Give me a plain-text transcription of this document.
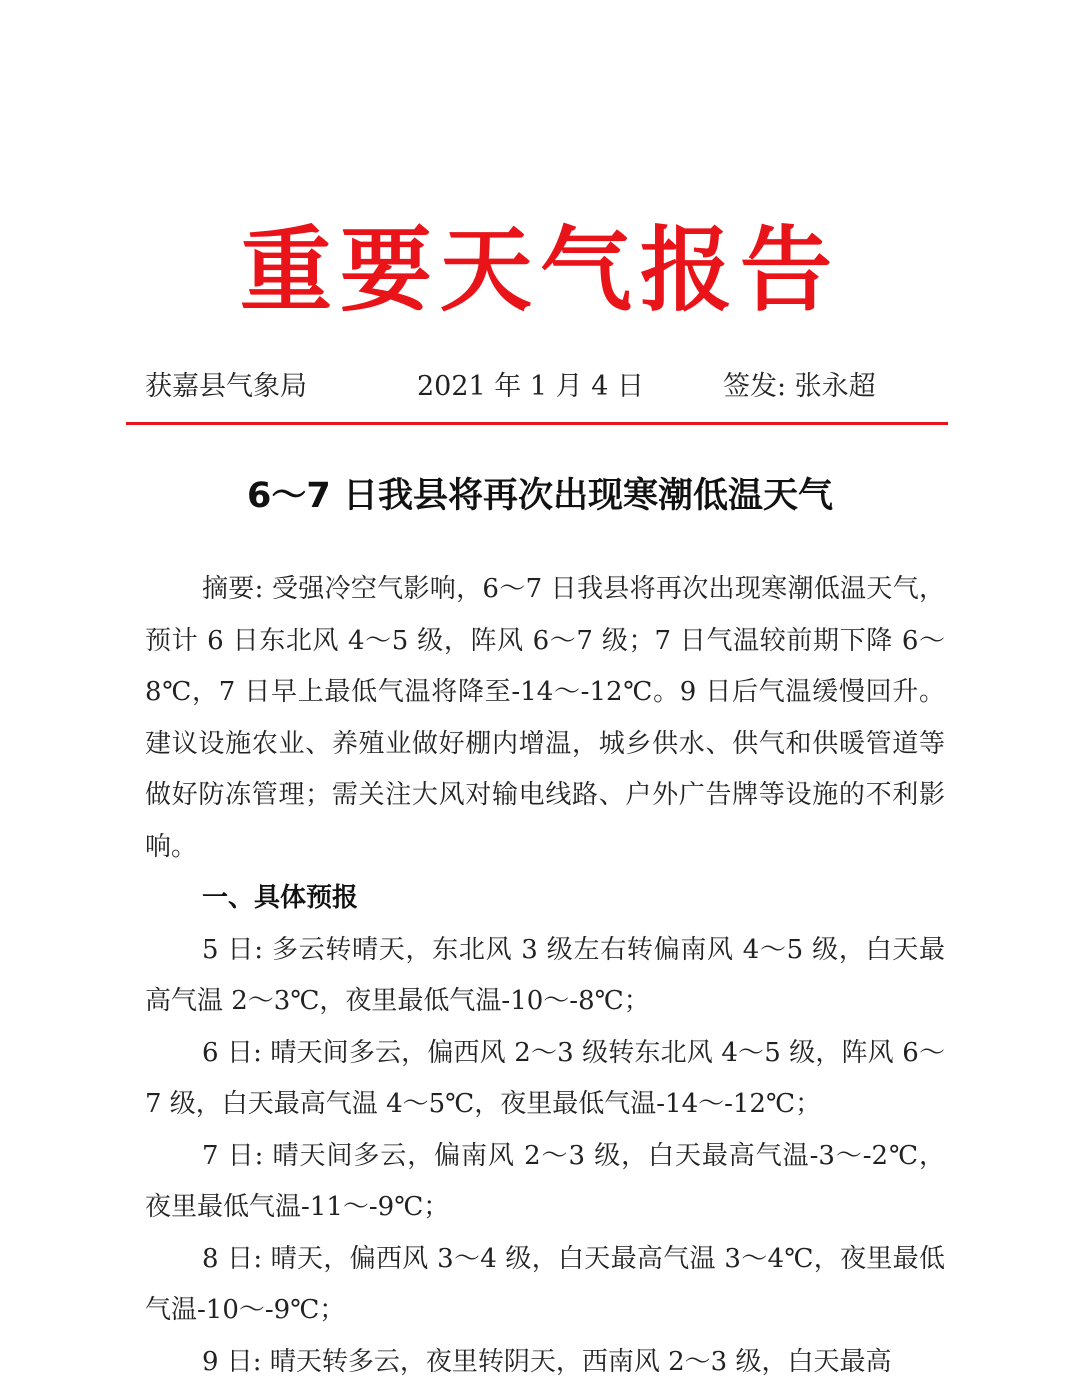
重要天气报告
获嘉县气象局	2021 年 1 月 4 日	签发: 张永超
6～7 日我县将再次出现寒潮低温天气

摘要: 受强冷空气影响，6～7 日我县将再次出现寒潮低温天气，预计 6 日东北风 4～5 级，阵风 6～7 级；7 日气温较前期下降 6～8℃，7 日早上最低气温将降至-14～-12℃。9 日后气温缓慢回升。建议设施农业、养殖业做好棚内增温，城乡供水、供气和供暖管道等做好防冻管理；需关注大风对输电线路、户外广告牌等设施的不利影响。

一、具体预报

5 日: 多云转晴天，东北风 3 级左右转偏南风 4～5 级，白天最高气温 2～3℃，夜里最低气温-10～-8℃；

6 日: 晴天间多云，偏西风 2～3 级转东北风 4～5 级，阵风 6～7 级，白天最高气温 4～5℃，夜里最低气温-14～-12℃；

7 日: 晴天间多云，偏南风 2～3 级，白天最高气温-3～-2℃，夜里最低气温-11～-9℃；

8 日: 晴天，偏西风 3～4 级，白天最高气温 3～4℃，夜里最低气温-10～-9℃；

9 日: 晴天转多云，夜里转阴天，西南风 2～3 级，白天最高
